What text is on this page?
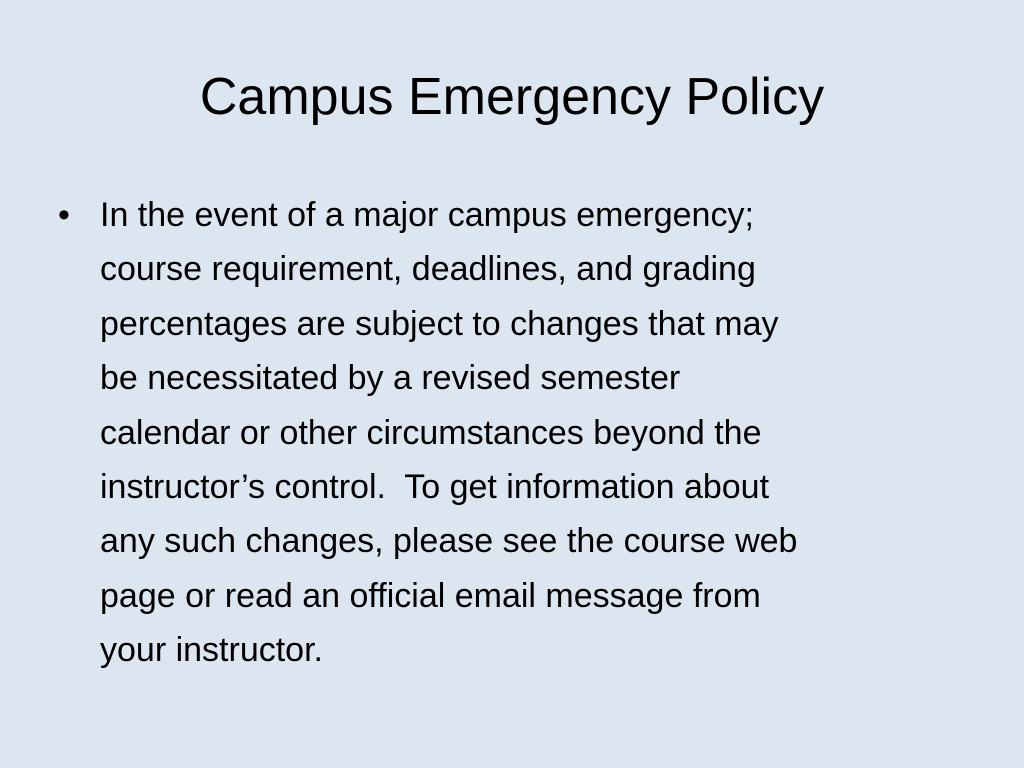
Campus Emergency Policy
• In the event of a major campus emergency;
course requirement, deadlines, and grading
percentages are subject to changes that may
be necessitated by a revised semester
calendar or other circumstances beyond the
instructor’s control.  To get information about
any such changes, please see the course web
page or read an official email message from
your instructor.
